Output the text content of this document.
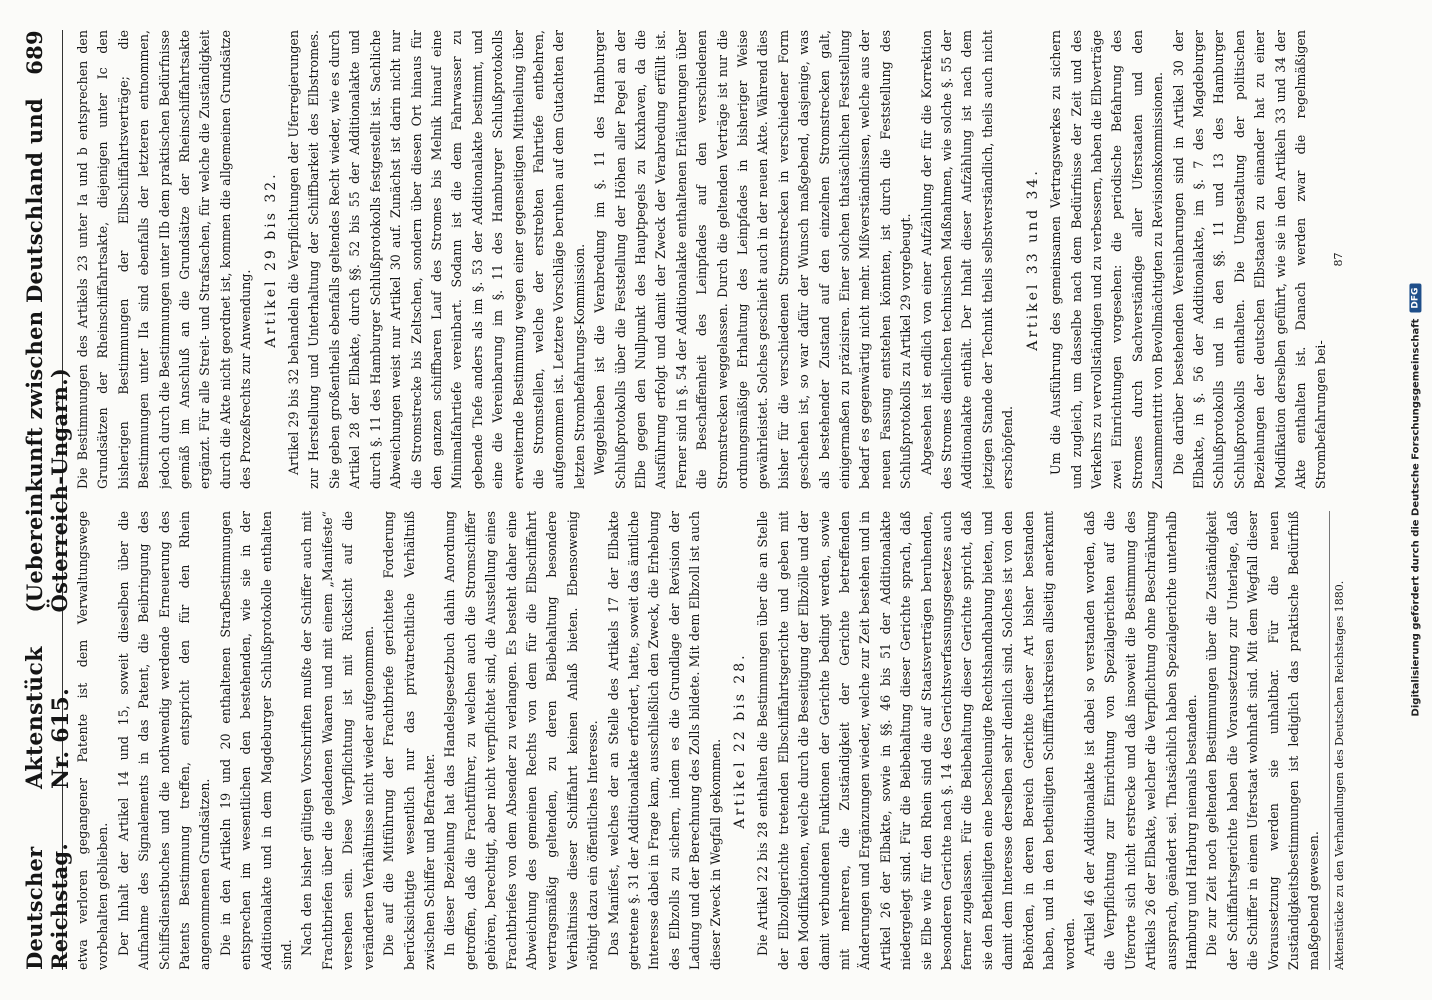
Deutscher Reichstag.
Aktenstück Nr. 615.
(Uebereinkunft zwischen Deutschland und Österreich-Ungarn.)
689

etwa verloren gegangener Patente ist dem Verwaltungswege vorbehalten geblieben. Der Inhalt der Artikel 14 und 15, soweit dieselben über die Aufnahme des Signalements in das Patent, die Beibringung des Schiffsdienstbuches und die nothwendig werdende Erneuerung des Patents Bestimmung treffen, entspricht den für den Rhein angenommenen Grundsätzen. Die in den Artikeln 19 und 20 enthaltenen Strafbestimmungen entsprechen im wesentlichen den bestehenden, wie sie in der Additionalakte und in dem Magdeburger Schlußprotokolle enthalten sind. Nach den bisher gültigen Vorschriften mußte der Schiffer auch mit Frachtbriefen über die geladenen Waaren und mit einem „Manifeste“ versehen sein. Diese Verpflichtung ist mit Rücksicht auf die veränderten Verhältnisse nicht wieder aufgenommen. Die auf die Mitführung der Frachtbriefe gerichtete Forderung berücksichtigte wesentlich nur das privatrechtliche Verhältniß zwischen Schiffer und Befrachter. In dieser Beziehung hat das Handelsgesetzbuch dahin Anordnung getroffen, daß die Frachtführer, zu welchen auch die Stromschiffer gehören, berechtigt, aber nicht verpflichtet sind, die Ausstellung eines Frachtbriefes von dem Absender zu verlangen. Es besteht daher eine Abweichung des gemeinen Rechts von dem für die Elbschiffahrt vertragsmäßig geltenden, zu deren Beibehaltung besondere Verhältnisse dieser Schiffahrt keinen Anlaß bieten. Ebensowenig nöthigt dazu ein öffentliches Interesse. Das Manifest, welches der an Stelle des Artikels 17 der Elbakte getretene §. 31 der Additionalakte erfordert, hatte, soweit das ämtliche Interesse dabei in Frage kam, ausschließlich den Zweck, die Erhebung des Elbzolls zu sichern, indem es die Grundlage der Revision der Ladung und der Berechnung des Zolls bildete. Mit dem Elbzoll ist auch dieser Zweck in Wegfall gekommen. Artikel 22 bis 28. Die Artikel 22 bis 28 enthalten die Bestimmungen über die an Stelle der Elbzollgerichte tretenden Elbschiffahrtsgerichte und geben mit den Modifikationen, welche durch die Beseitigung der Elbzölle und der damit verbundenen Funktionen der Gerichte bedingt werden, sowie mit mehreren, die Zuständigkeit der Gerichte betreffenden Änderungen und Ergänzungen wieder, welche zur Zeit bestehen und in Artikel 26 der Elbakte, sowie in §§. 46 bis 51 der Additionalakte niedergelegt sind. Für die Beibehaltung dieser Gerichte sprach, daß sie Elbe wie für den Rhein sind die auf Staatsverträgen beruhenden, besonderen Gerichte nach §. 14 des Gerichtsverfassungsgesetzes auch ferner zugelassen. Für die Beibehaltung dieser Gerichte spricht, daß sie den Betheiligten eine beschleunigte Rechtshandhabung bieten, und damit dem Interesse derselben sehr dienlich sind. Solches ist von den Behörden, in deren Bereich Gerichte dieser Art bisher bestanden haben, und in den betheiligten Schifffahrtskreisen allseitig anerkannt worden. Artikel 46 der Additionalakte ist dabei so verstanden worden, daß die Verpflichtung zur Einrichtung von Spezialgerichten auf die Uferorte sich nicht erstrecke und daß insoweit die Bestimmung des Artikels 26 der Elbakte, welcher die Verpflichtung ohne Beschränkung aussprach, geändert sei. Thatsächlich haben Spezialgerichte unterhalb Hamburg und Harburg niemals bestanden. Die zur Zeit noch geltenden Bestimmungen über die Zuständigkeit der Schiffahrtsgerichte haben die Voraussetzung zur Unterlage, daß die Schiffer in einem Uferstaat wohnhaft sind. Mit dem Wegfall dieser Voraussetzung werden sie unhaltbar. Für die neuen Zuständigkeitsbestimmungen ist lediglich das praktische Bedürfniß maßgebend gewesen.	Aktenstücke zu den Verhandlungen des Deutschen Reichstages 1880.

Die Bestimmungen des Artikels 23 unter Ia und b entsprechen den Grundsätzen der Rheinschiffahrtsakte, diejenigen unter Ic den bisherigen Bestimmungen der Elbschiffahrtsverträge; die Bestimmungen unter IIa sind ebenfalls der letzteren entnommen, jedoch durch die Bestimmungen unter IIb dem praktischen Bedürfnisse gemäß im Anschluß an die Grundsätze der Rheinschiffahrtsakte ergänzt. Für alle Streit- und Strafsachen, für welche die Zuständigkeit durch die Akte nicht geordnet ist, kommen die allgemeinen Grundsätze des Prozeßrechts zur Anwendung.

Artikel 29 bis 32. Artikel 29 bis 32 behandeln die Verpflichtungen der Uferregierungen zur Herstellung und Unterhaltung der Schiffbarkeit des Elbstromes. Sie geben großentheils ebenfalls geltendes Recht wieder, wie es durch Artikel 28 der Elbakte, durch §§. 52 bis 55 der Additionalakte und durch §. 11 des Hamburger Schlußprotokolls festgestellt ist. Sachliche Abweichungen weist nur Artikel 30 auf. Zunächst ist darin nicht nur die Stromstrecke bis Zeltschen, sondern über diesen Ort hinaus für den ganzen schiffbaren Lauf des Stromes bis Melnik hinauf eine Minimalfahrtiefe vereinbart. Sodann ist die dem Fahrwasser zu gebende Tiefe anders als im §. 53 der Additionalakte bestimmt, und eine die Vereinbarung im §. 11 des Hamburger Schlußprotokolls erweiternde Bestimmung wegen einer gegenseitigen Mittheilung über die Stromstellen, welche der erstrebten Fahrtiefe entbehren, aufgenommen ist. Letztere Vorschläge beruhen auf dem Gutachten der letzten Strombefahrungs-Kommission. Weggeblieben ist die Verabredung im §. 11 des Hamburger Schlußprotokolls über die Feststellung der Höhen aller Pegel an der Elbe gegen den Nullpunkt des Hauptpegels zu Kuxhaven, da die Ausführung erfolgt und damit der Zweck der Verabredung erfüllt ist. Ferner sind in §. 54 der Additionalakte enthaltenen Erläuterungen über die Beschaffenheit des Leinpfades auf den verschiedenen Stromstrecken weggelassen. Durch die geltenden Verträge ist nur die ordnungsmäßige Erhaltung des Leinpfades in bisheriger Weise gewährleistet. Solches geschieht auch in der neuen Akte. Während dies bisher für die verschiedenen Stromstrecken in verschiedener Form geschehen ist, so war dafür der Wunsch maßgebend, dasjenige, was als bestehender Zustand auf den einzelnen Stromstrecken galt, einigermaßen zu präzisiren. Einer solchen thatsächlichen Feststellung bedarf es gegenwärtig nicht mehr. Mißverständnissen, welche aus der neuen Fassung entstehen könnten, ist durch die Feststellung des Schlußprotokolls zu Artikel 29 vorgebeugt. Abgesehen ist endlich von einer Aufzählung der für die Korrektion des Stromes dienlichen technischen Maßnahmen, wie solche §. 55 der Additionalakte enthält. Der Inhalt dieser Aufzählung ist nach dem jetzigen Stande der Technik theils selbstverständlich, theils auch nicht erschöpfend.

Artikel 33 und 34. Um die Ausführung des gemeinsamen Vertragswerkes zu sichern und zugleich, um dasselbe nach dem Bedürfnisse der Zeit und des Verkehrs zu vervollständigen und zu verbessern, haben die Elbverträge zwei Einrichtungen vorgesehen: die periodische Befahrung des Stromes durch Sachverständige aller Uferstaaten und den Zusammentritt von Bevollmächtigten zu Revisionskommissionen. Die darüber bestehenden Vereinbarungen sind in Artikel 30 der Elbakte, in §. 56 der Additionalakte, im §. 7 des Magdeburger Schlußprotokolls und in den §§. 11 und 13 des Hamburger Schlußprotokolls enthalten. Die Umgestaltung der politischen Beziehungen der deutschen Elbstaaten zu einander hat zu einer Modifikation derselben geführt, wie sie in den Artikeln 33 und 34 der Akte enthalten ist. Danach werden zwar die regelmäßigen Strombefahrungen bei-

87

Digitalisierung gefördert durch die Deutsche Forschungsgemeinschaft
DFG
